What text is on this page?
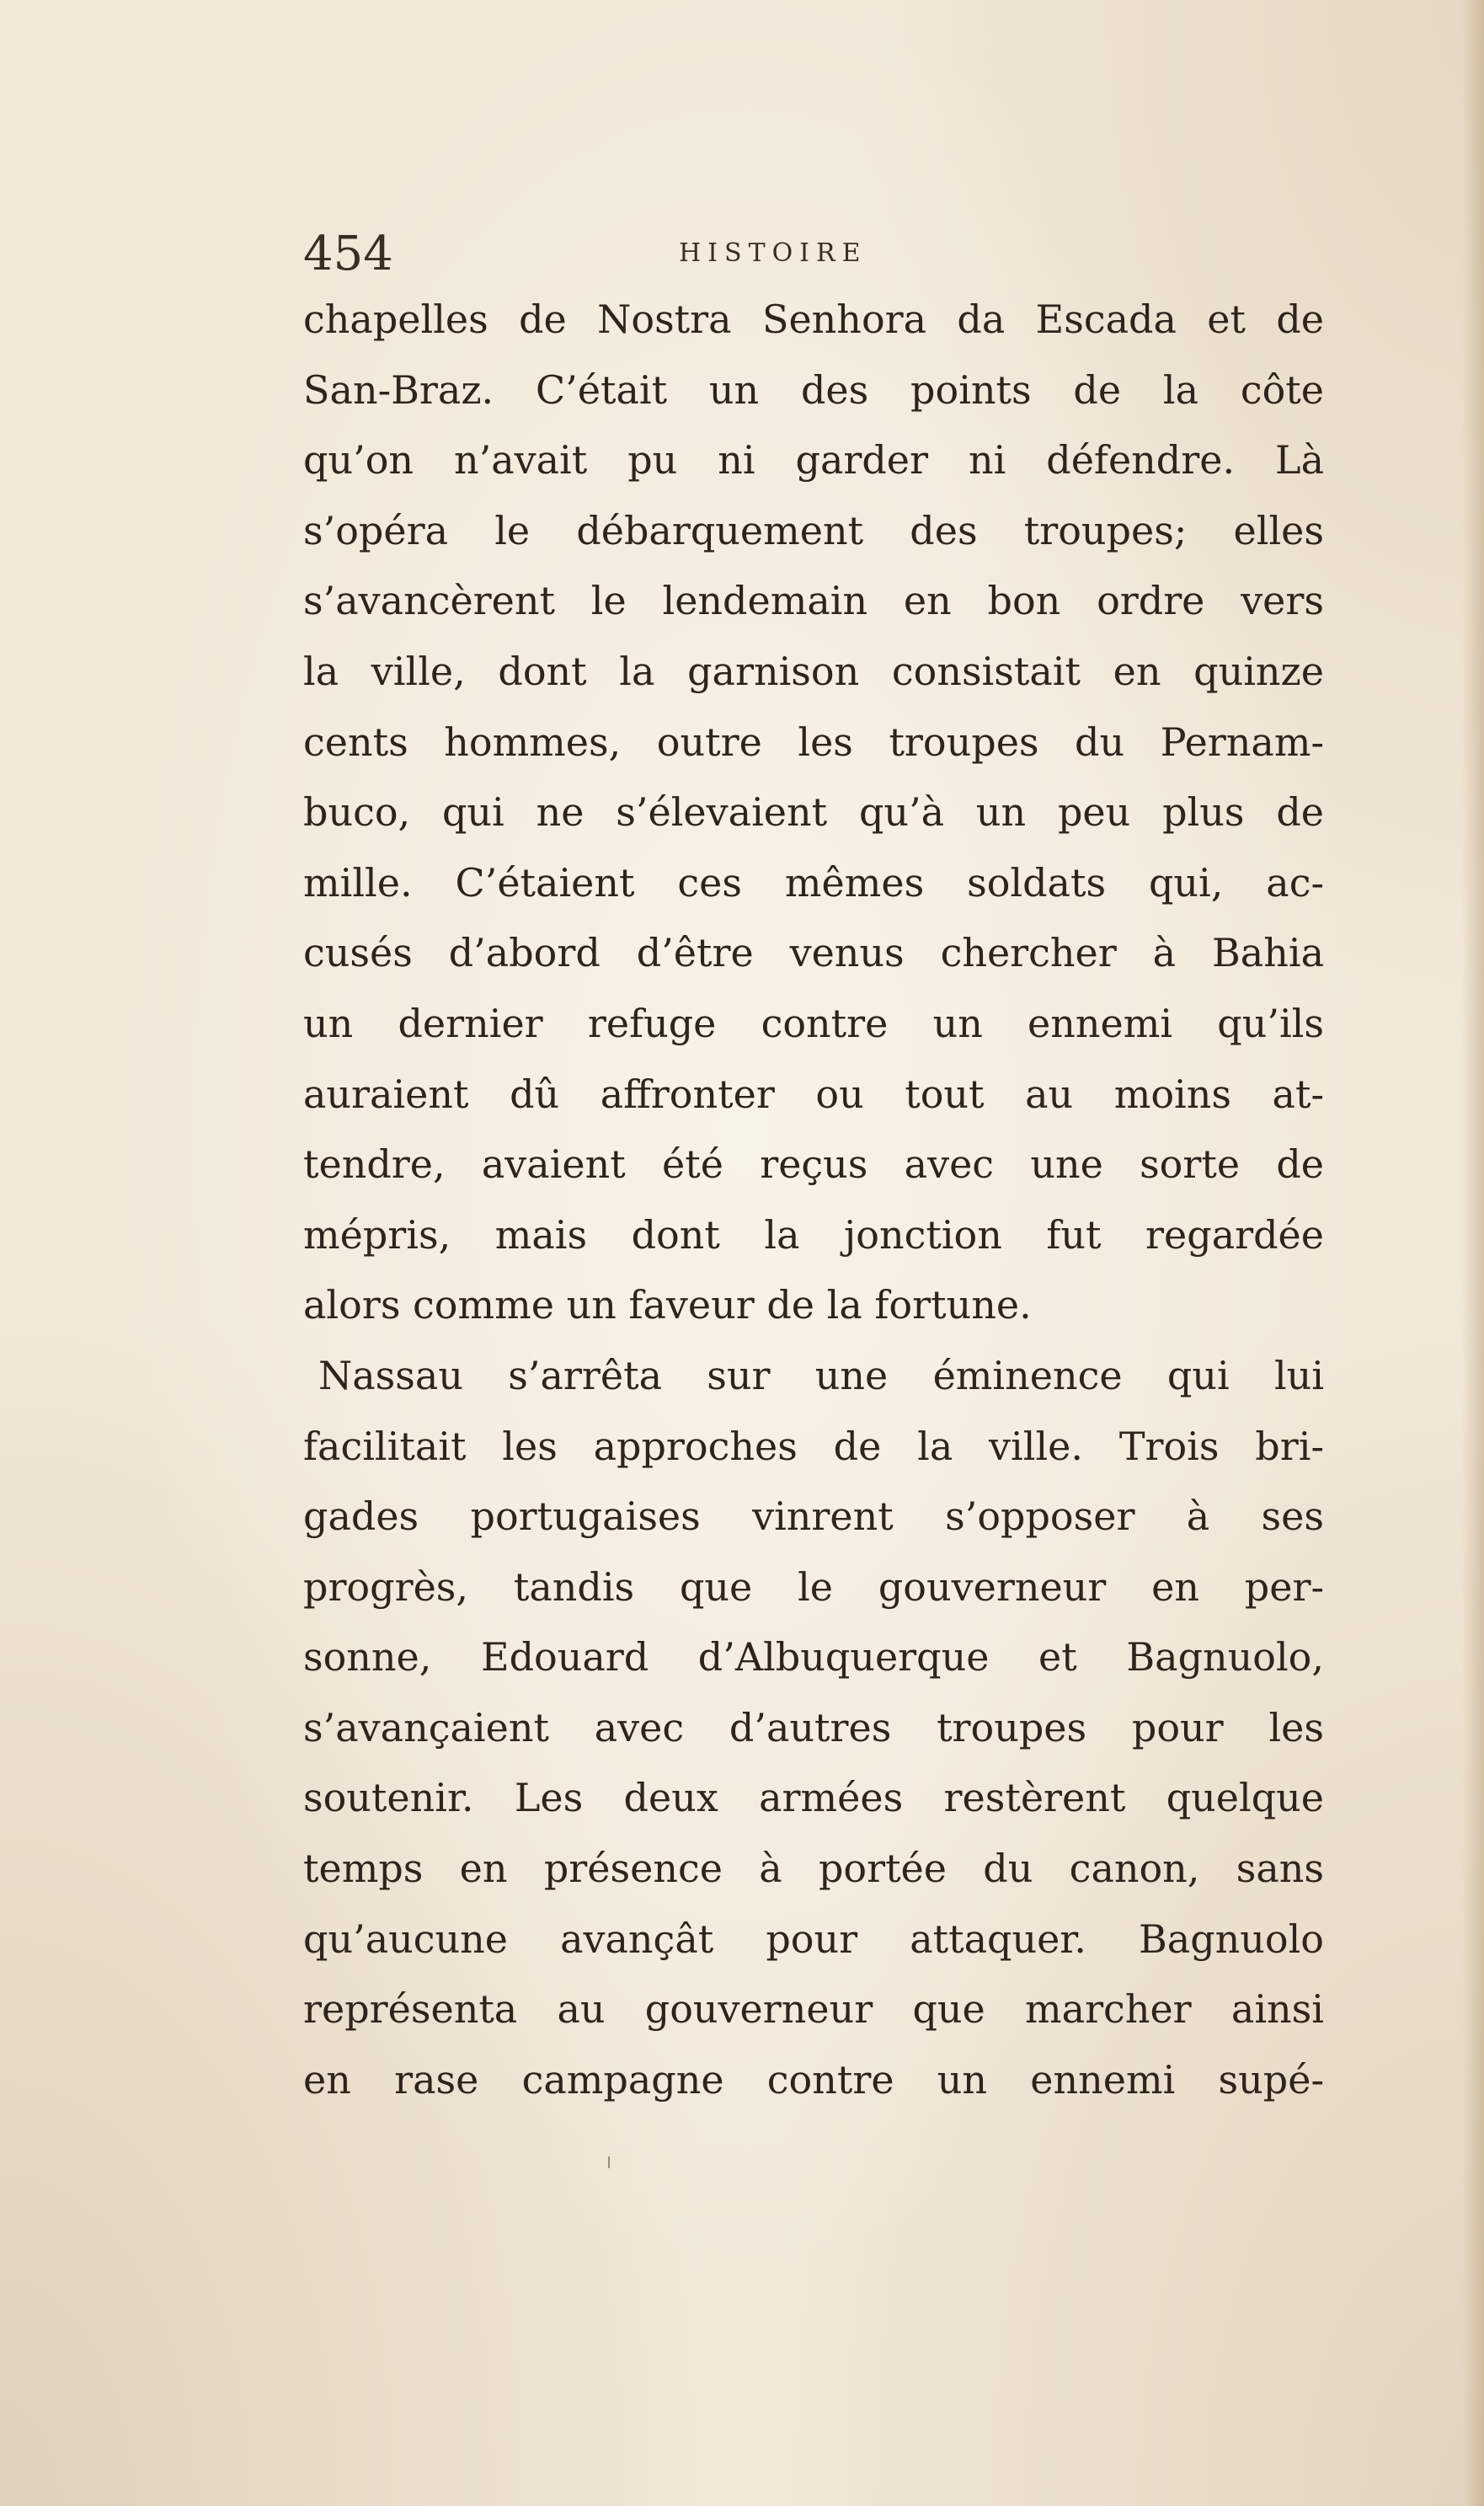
454	HISTOIRE
chapelles de Nostra Senhora da Escada et de
San-Braz. C’était un des points de la côte
qu’on n’avait pu ni garder ni défendre. Là
s’opéra le débarquement des troupes; elles
s’avancèrent le lendemain en bon ordre vers
la ville, dont la garnison consistait en quinze
cents hommes, outre les troupes du Pernam-
buco, qui ne s’élevaient qu’à un peu plus de
mille. C’étaient ces mêmes soldats qui, ac-
cusés d’abord d’être venus chercher à Bahia
un dernier refuge contre un ennemi qu’ils
auraient dû affronter ou tout au moins at-
tendre, avaient été reçus avec une sorte de
mépris, mais dont la jonction fut regardée
alors comme un faveur de la fortune.
Nassau s’arrêta sur une éminence qui lui
facilitait les approches de la ville. Trois bri-
gades portugaises vinrent s’opposer à ses
progrès, tandis que le gouverneur en per-
sonne, Edouard d’Albuquerque et Bagnuolo,
s’avançaient avec d’autres troupes pour les
soutenir. Les deux armées restèrent quelque
temps en présence à portée du canon, sans
qu’aucune avançât pour attaquer. Bagnuolo
représenta au gouverneur que marcher ainsi
en rase campagne contre un ennemi supé-
